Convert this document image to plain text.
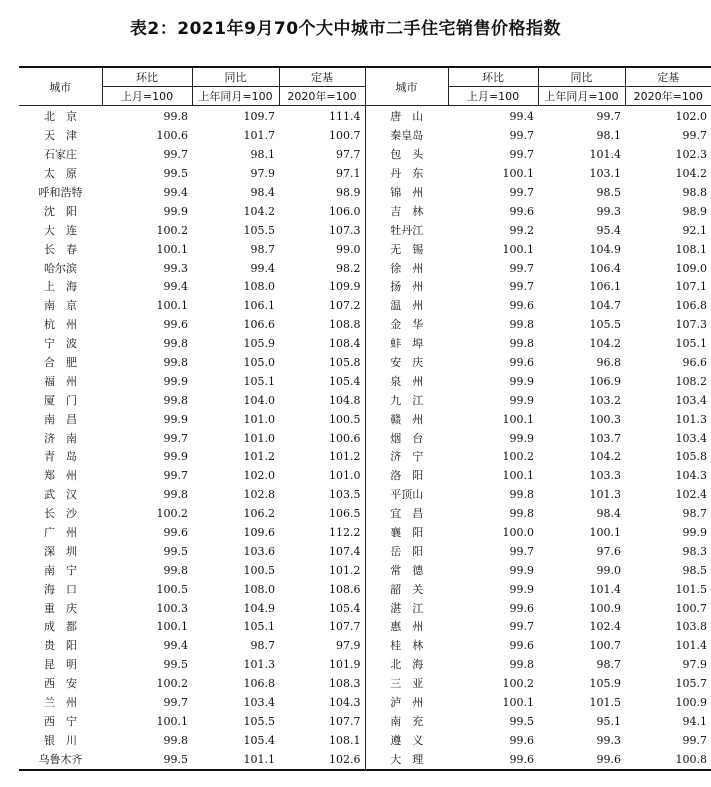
表2：2021年9月70个大中城市二手住宅销售价格指数
城市	环比	同比	定基	城市	环比	同比	定基
	上月=100	上年同月=100	2020年=100		上月=100	上年同月=100	2020年=100
北　京	99.8	109.7	111.4	唐　山	99.4	99.7	102.0
天　津	100.6	101.7	100.7	秦皇岛	99.7	98.1	99.7
石家庄	99.7	98.1	97.7	包　头	99.7	101.4	102.3
太　原	99.5	97.9	97.1	丹　东	100.1	103.1	104.2
呼和浩特	99.4	98.4	98.9	锦　州	99.7	98.5	98.8
沈　阳	99.9	104.2	106.0	吉　林	99.6	99.3	98.9
大　连	100.2	105.5	107.3	牡丹江	99.2	95.4	92.1
长　春	100.1	98.7	99.0	无　锡	100.1	104.9	108.1
哈尔滨	99.3	99.4	98.2	徐　州	99.7	106.4	109.0
上　海	99.4	108.0	109.9	扬　州	99.7	106.1	107.1
南　京	100.1	106.1	107.2	温　州	99.6	104.7	106.8
杭　州	99.6	106.6	108.8	金　华	99.8	105.5	107.3
宁　波	99.8	105.9	108.4	蚌　埠	99.8	104.2	105.1
合　肥	99.8	105.0	105.8	安　庆	99.6	96.8	96.6
福　州	99.9	105.1	105.4	泉　州	99.9	106.9	108.2
厦　门	99.8	104.0	104.8	九　江	99.9	103.2	103.4
南　昌	99.9	101.0	100.5	赣　州	100.1	100.3	101.3
济　南	99.7	101.0	100.6	烟　台	99.9	103.7	103.4
青　岛	99.9	101.2	101.2	济　宁	100.2	104.2	105.8
郑　州	99.7	102.0	101.0	洛　阳	100.1	103.3	104.3
武　汉	99.8	102.8	103.5	平顶山	99.8	101.3	102.4
长　沙	100.2	106.2	106.5	宜　昌	99.8	98.4	98.7
广　州	99.6	109.6	112.2	襄　阳	100.0	100.1	99.9
深　圳	99.5	103.6	107.4	岳　阳	99.7	97.6	98.3
南　宁	99.8	100.5	101.2	常　德	99.9	99.0	98.5
海　口	100.5	108.0	108.6	韶　关	99.9	101.4	101.5
重　庆	100.3	104.9	105.4	湛　江	99.6	100.9	100.7
成　都	100.1	105.1	107.7	惠　州	99.7	102.4	103.8
贵　阳	99.4	98.7	97.9	桂　林	99.6	100.7	101.4
昆　明	99.5	101.3	101.9	北　海	99.8	98.7	97.9
西　安	100.2	106.8	108.3	三　亚	100.2	105.9	105.7
兰　州	99.7	103.4	104.3	泸　州	100.1	101.5	100.9
西　宁	100.1	105.5	107.7	南　充	99.5	95.1	94.1
银　川	99.8	105.4	108.1	遵　义	99.6	99.3	99.7
乌鲁木齐	99.5	101.1	102.6	大　理	99.6	99.6	100.8
